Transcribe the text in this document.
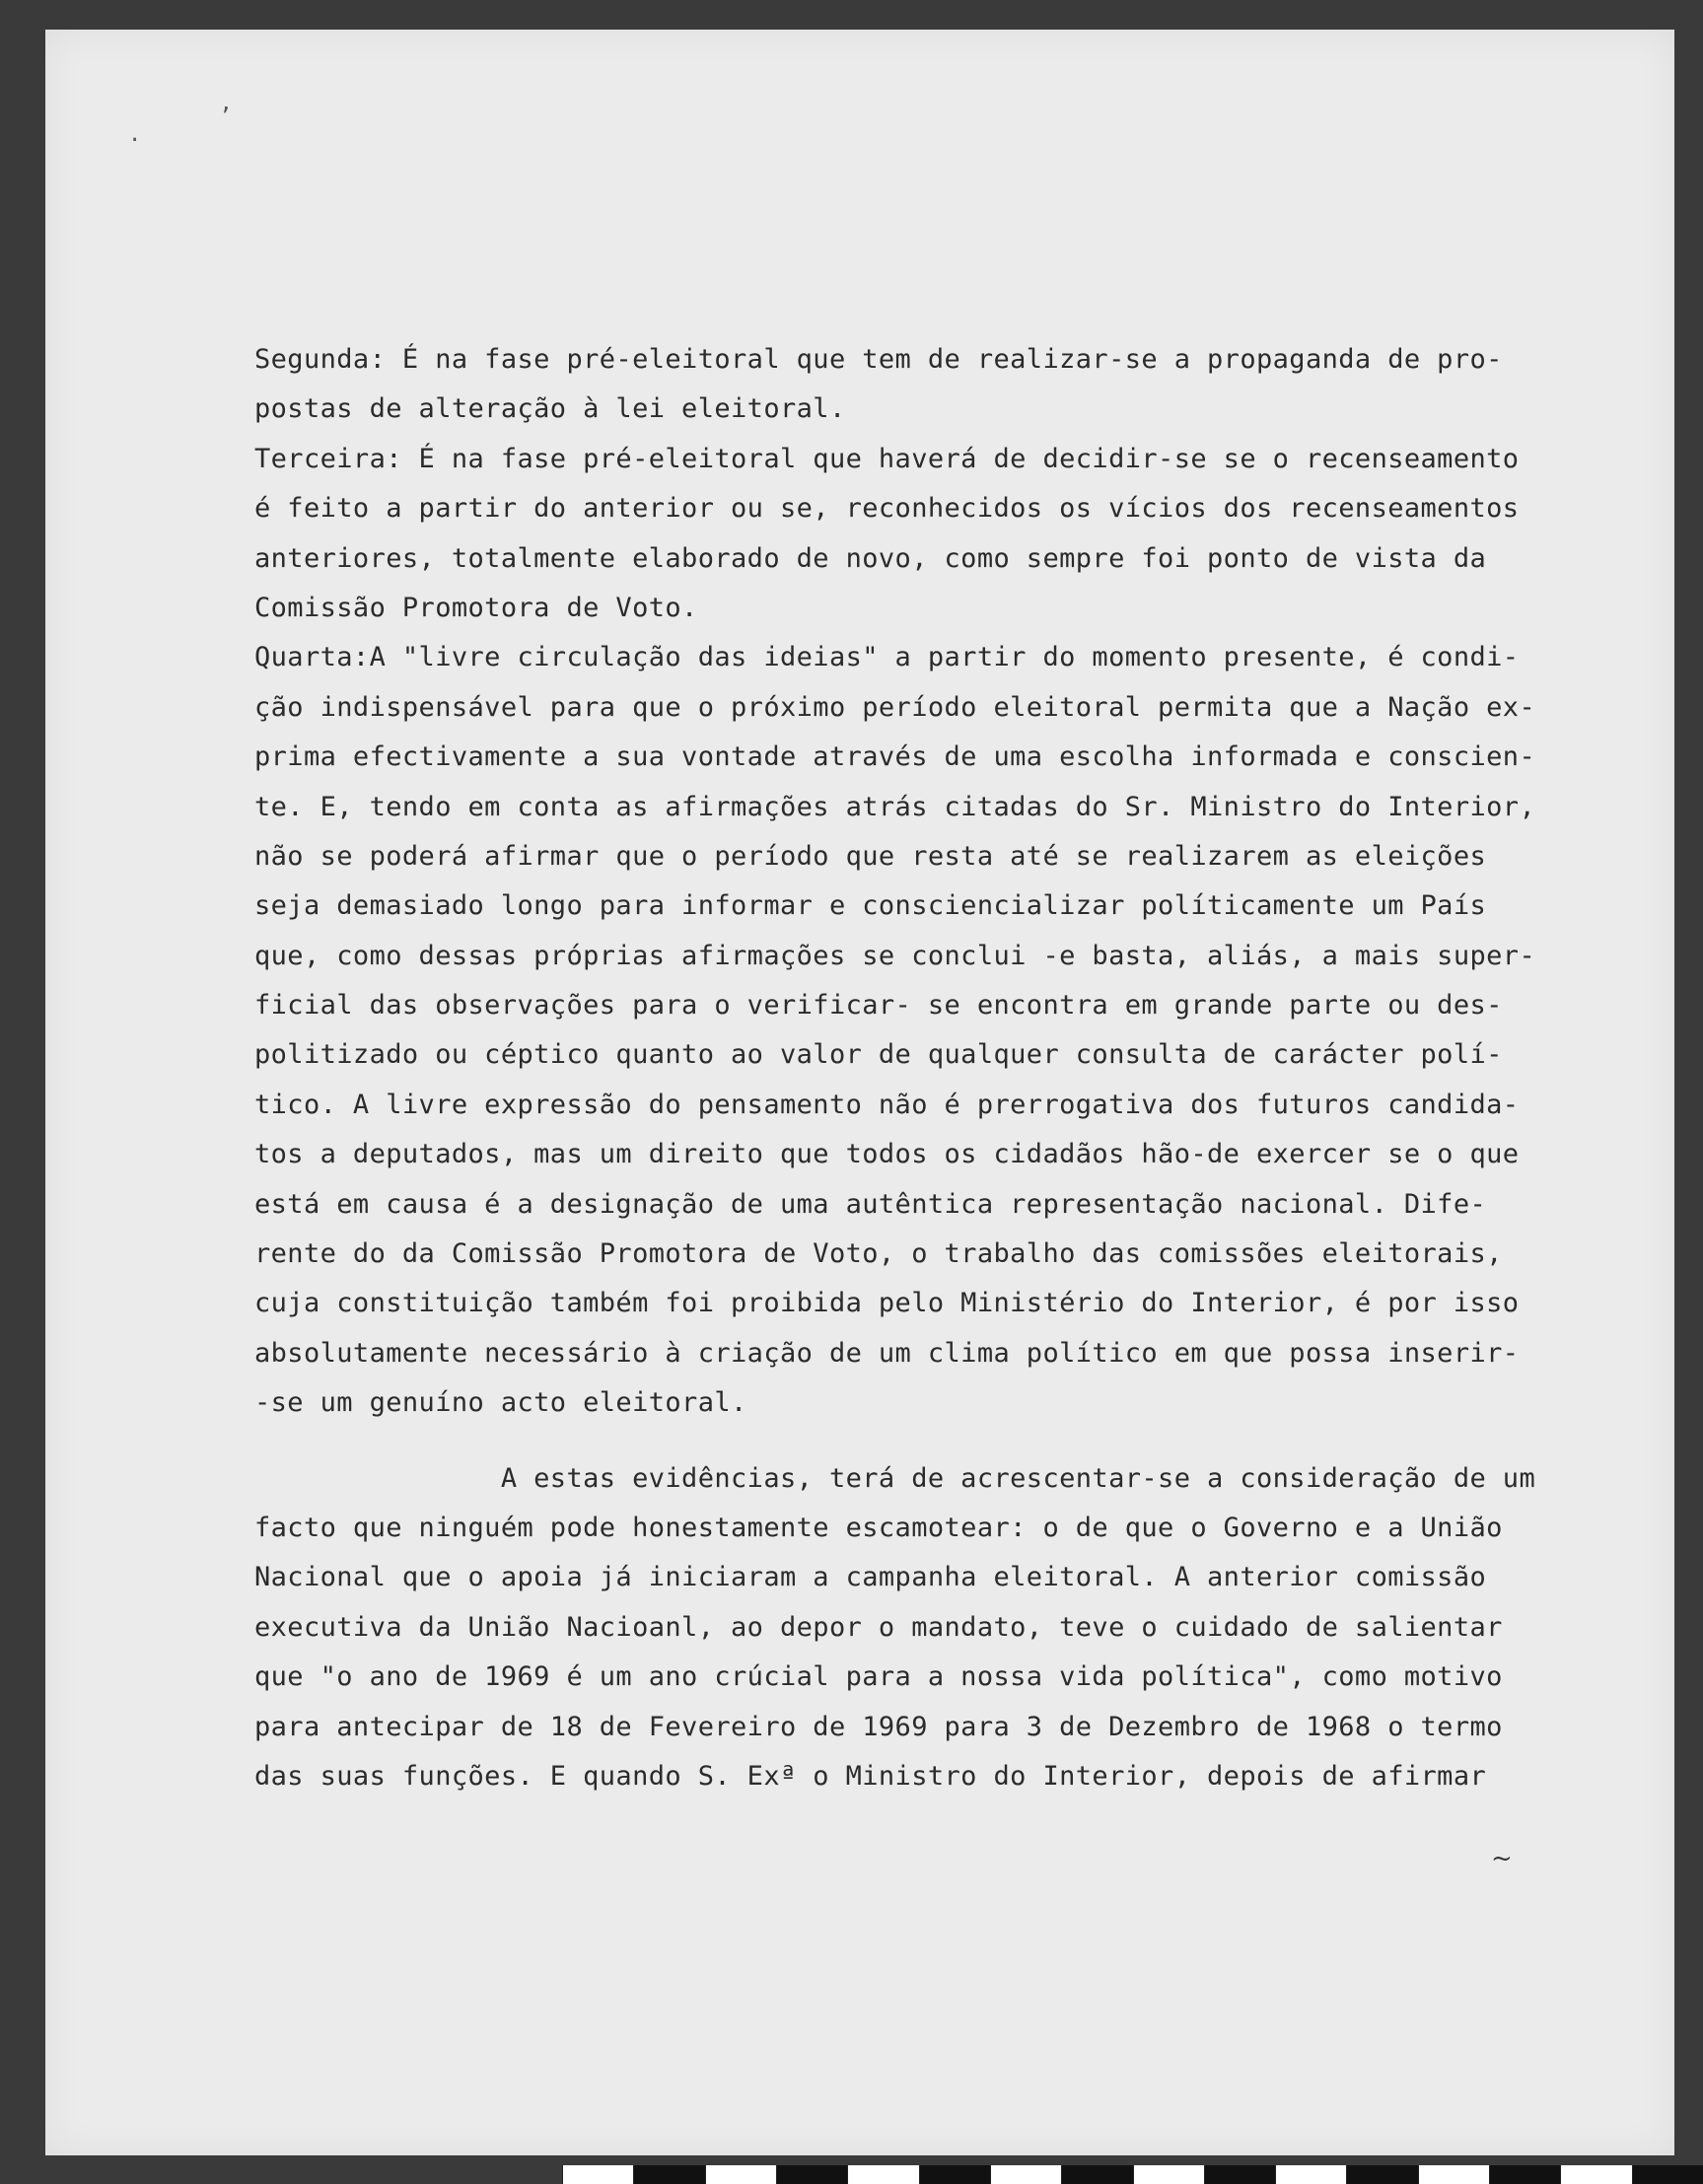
’
·
Segunda: É na fase pré-eleitoral que tem de realizar-se a propaganda de pro-
postas de alteração à lei eleitoral.
Terceira: É na fase pré-eleitoral que haverá de decidir-se se o recenseamento
é feito a partir do anterior ou se, reconhecidos os vícios dos recenseamentos
anteriores, totalmente elaborado de novo, como sempre foi ponto de vista da
Comissão Promotora de Voto.
Quarta:A "livre circulação das ideias" a partir do momento presente, é condi-
ção indispensável para que o próximo período eleitoral permita que a Nação ex-
prima efectivamente a sua vontade através de uma escolha informada e conscien-
te. E, tendo em conta as afirmações atrás citadas do Sr. Ministro do Interior,
não se poderá afirmar que o período que resta até se realizarem as eleições
seja demasiado longo para informar e consciencializar políticamente um País
que, como dessas próprias afirmações se conclui -e basta, aliás, a mais super-
ficial das observações para o verificar- se encontra em grande parte ou des-
politizado ou céptico quanto ao valor de qualquer consulta de carácter polí-
tico. A livre expressão do pensamento não é prerrogativa dos futuros candida-
tos a deputados, mas um direito que todos os cidadãos hão-de exercer se o que
está em causa é a designação de uma autêntica representação nacional. Dife-
rente do da Comissão Promotora de Voto, o trabalho das comissões eleitorais,
cuja constituição também foi proibida pelo Ministério do Interior, é por isso
absolutamente necessário à criação de um clima político em que possa inserir-
-se um genuíno acto eleitoral.
A estas evidências, terá de acrescentar-se a consideração de um
facto que ninguém pode honestamente escamotear: o de que o Governo e a União
Nacional que o apoia já iniciaram a campanha eleitoral. A anterior comissão
executiva da União Nacioanl, ao depor o mandato, teve o cuidado de salientar
que "o ano de 1969 é um ano crúcial para a nossa vida política", como motivo
para antecipar de 18 de Fevereiro de 1969 para 3 de Dezembro de 1968 o termo
das suas funções. E quando S. Exª o Ministro do Interior, depois de afirmar
~
